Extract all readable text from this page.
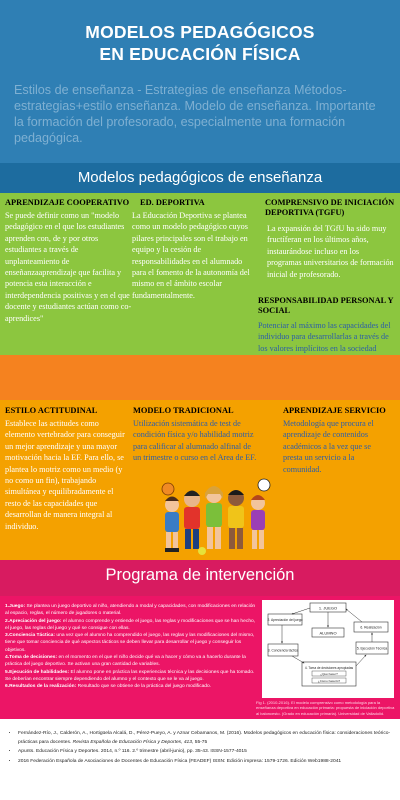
MODELOS PEDAGÓGICOS
EN EDUCACIÓN FÍSICA
Estilos de enseñanza - Estrategias de enseñanza Métodos-estrategias+estilo enseñanza. Modelo de enseñanza. Importante la formación del profesorado, especialmente una formación pedagógica.
Modelos pedagógicos de enseñanza
APRENDIZAJE COOPERATIVO
Se puede definir como un "modelo pedagógico en el que los estudiantes aprenden con, de y por otros estudiantes a través de unplanteamiento de enseñanzaaprendizaje que facilita y potencia esta interacción e interdependencia positivas y en el que docente y estudiantes actúan como co-aprendices"
ED. DEPORTIVA
La Educación Deportiva se plantea como un modelo pedagógico cuyos pilares principales son el trabajo en equipo y la cesión de responsabilidades en el alumnado para el fomento de la autonomía del mismo en el ámbito escolar fundamentalmente.
COMPRENSIVO DE INICIACIÓN DEPORTIVA (TGFU)
La expansión del TGfU ha sido muy fructíferan en los últimos años, instaurándose incluso en los programas universitarios de formación inicial de profesorado.
RESPONSABILIDAD PERSONAL Y SOCIAL
Potenciar al máximo las capacidades del individuo para desarrollarlas a través de los valores implícitos en la sociedad
ESTILO ACTITUDINAL
Establece las actitudes como elemento vertebrador para conseguir un mejor aprendizaje y una mayor motivación hacia la EF. Para ello, se plantea lo motriz como un medio (y no como un fin), trabajando simultánea y equilibradamente el resto de las capacidades que desarrollan de manera integral al individuo.
MODELO TRADICIONAL
Utilización sistemática de test de condición física y/o habilidad motriz para calificar al alumnado alfinal de un trimestre o curso en el Area de EF.
APRENDIZAJE SERVICIO
Metodología que procura el aprendizaje de contenidos académicos a la vez que se presta un servicio a la comunidad.
Programa de intervención
1.Juego: Se plantea un juego deportivo al niño, atendiendo a modal y capacidades, con modificaciones en relación al espacio, reglas, el número de jugadores o material.
2.Apreciación del juego: el alumno comprende y entiende el juego, las reglas y modificaciones que se han hecho, el juego, las reglas del juego y qué se consigue con ellas.
3.Conciencia Táctica: una vez que el alumno ha comprendido el juego, las reglas y las modificaciones del mismo, tiene que tomar conciencia de qué aspectos tácticos se deben llevar para desarrollar el juego y conseguir los objetivos.
4.Toma de decisiones: en el momento en el que el niño decide qué va a hacer y cómo va a hacerlo durante la práctica del juego deportivo. Se activan una gran cantidad de variables.
5.Ejecución de habilidades: El alumno pone en práctica las experiencias técnica y las decisiones que ha tomado. Se deberían encontrar siempre dependiendo del alumno y el contexto que se le va al juego.
6.Resultados de la realización: Resultado que se obtiene de la práctica del juego modificado.
1. JUEGO
2. Apreciación del juego
ALUMNO
6. Realización
3. Conciencia táctica	5. Ejecución Técnica
4. Toma de decisiones apropiadas
¿Qué hacer?
¿Cómo hacerlo?
Fig 1. (2010-2016). El modelo comprensivo como metodología para la enseñanza deportiva en educación primaria: propuesta de iniciación deportiva al baloncesto. (Grado en educación primaria). Universidad de Valladolid.
• Fernández-Río, J., Calderón, A., Hortigüela Alcalá, D., Pérez-Pueyo, A. y Aznar Cebamanos, M. (2016). Modelos pedagógicos en educación física: consideraciones teórico-prácticas para docentes. Revista Española de Educación Física y Deportes, 413, 55-75
• Apunts. Educación Física y Deportes. 2014, n.º 116. 2.º trimestre (abril-junio), pp. 35-43. ISSN-1577-4015
• 2016 Federación Española de Asociaciones de Docentes de Educación Física (FEADEF) ISSN: Edición impresa: 1579-1726. Edición Web1988-2041
